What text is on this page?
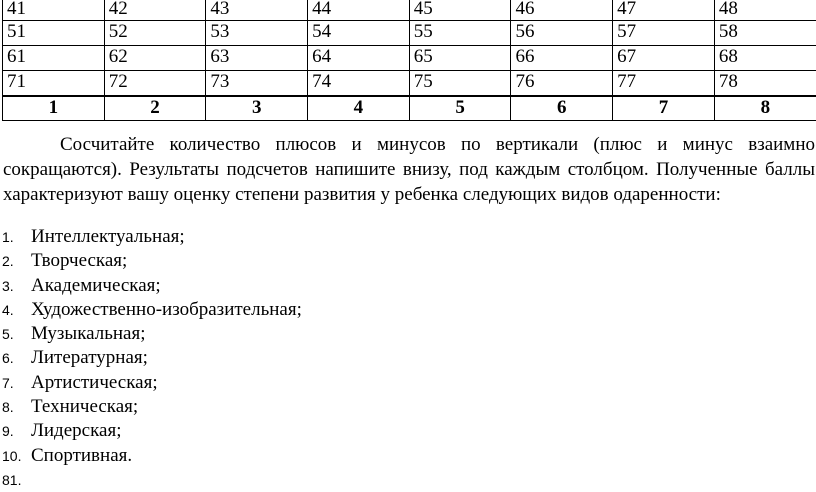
41	42	43	44	45	46	47	48
51	52	53	54	55	56	57	58
61	62	63	64	65	66	67	68
71	72	73	74	75	76	77	78
1	2	3	4	5	6	7	8

Сосчитайте количество плюсов и минусов по вертикали (плюс и минус взаимно сокращаются). Результаты подсчетов напишите внизу, под каждым столбцом. Полученные баллы характеризуют вашу оценку степени развития у ребенка следующих видов одаренности:

1. Интеллектуальная;
2. Творческая;
3. Академическая;
4. Художественно-изобразительная;
5. Музыкальная;
6. Литературная;
7. Артистическая;
8. Техническая;
9. Лидерская;
10. Спортивная.
81.
